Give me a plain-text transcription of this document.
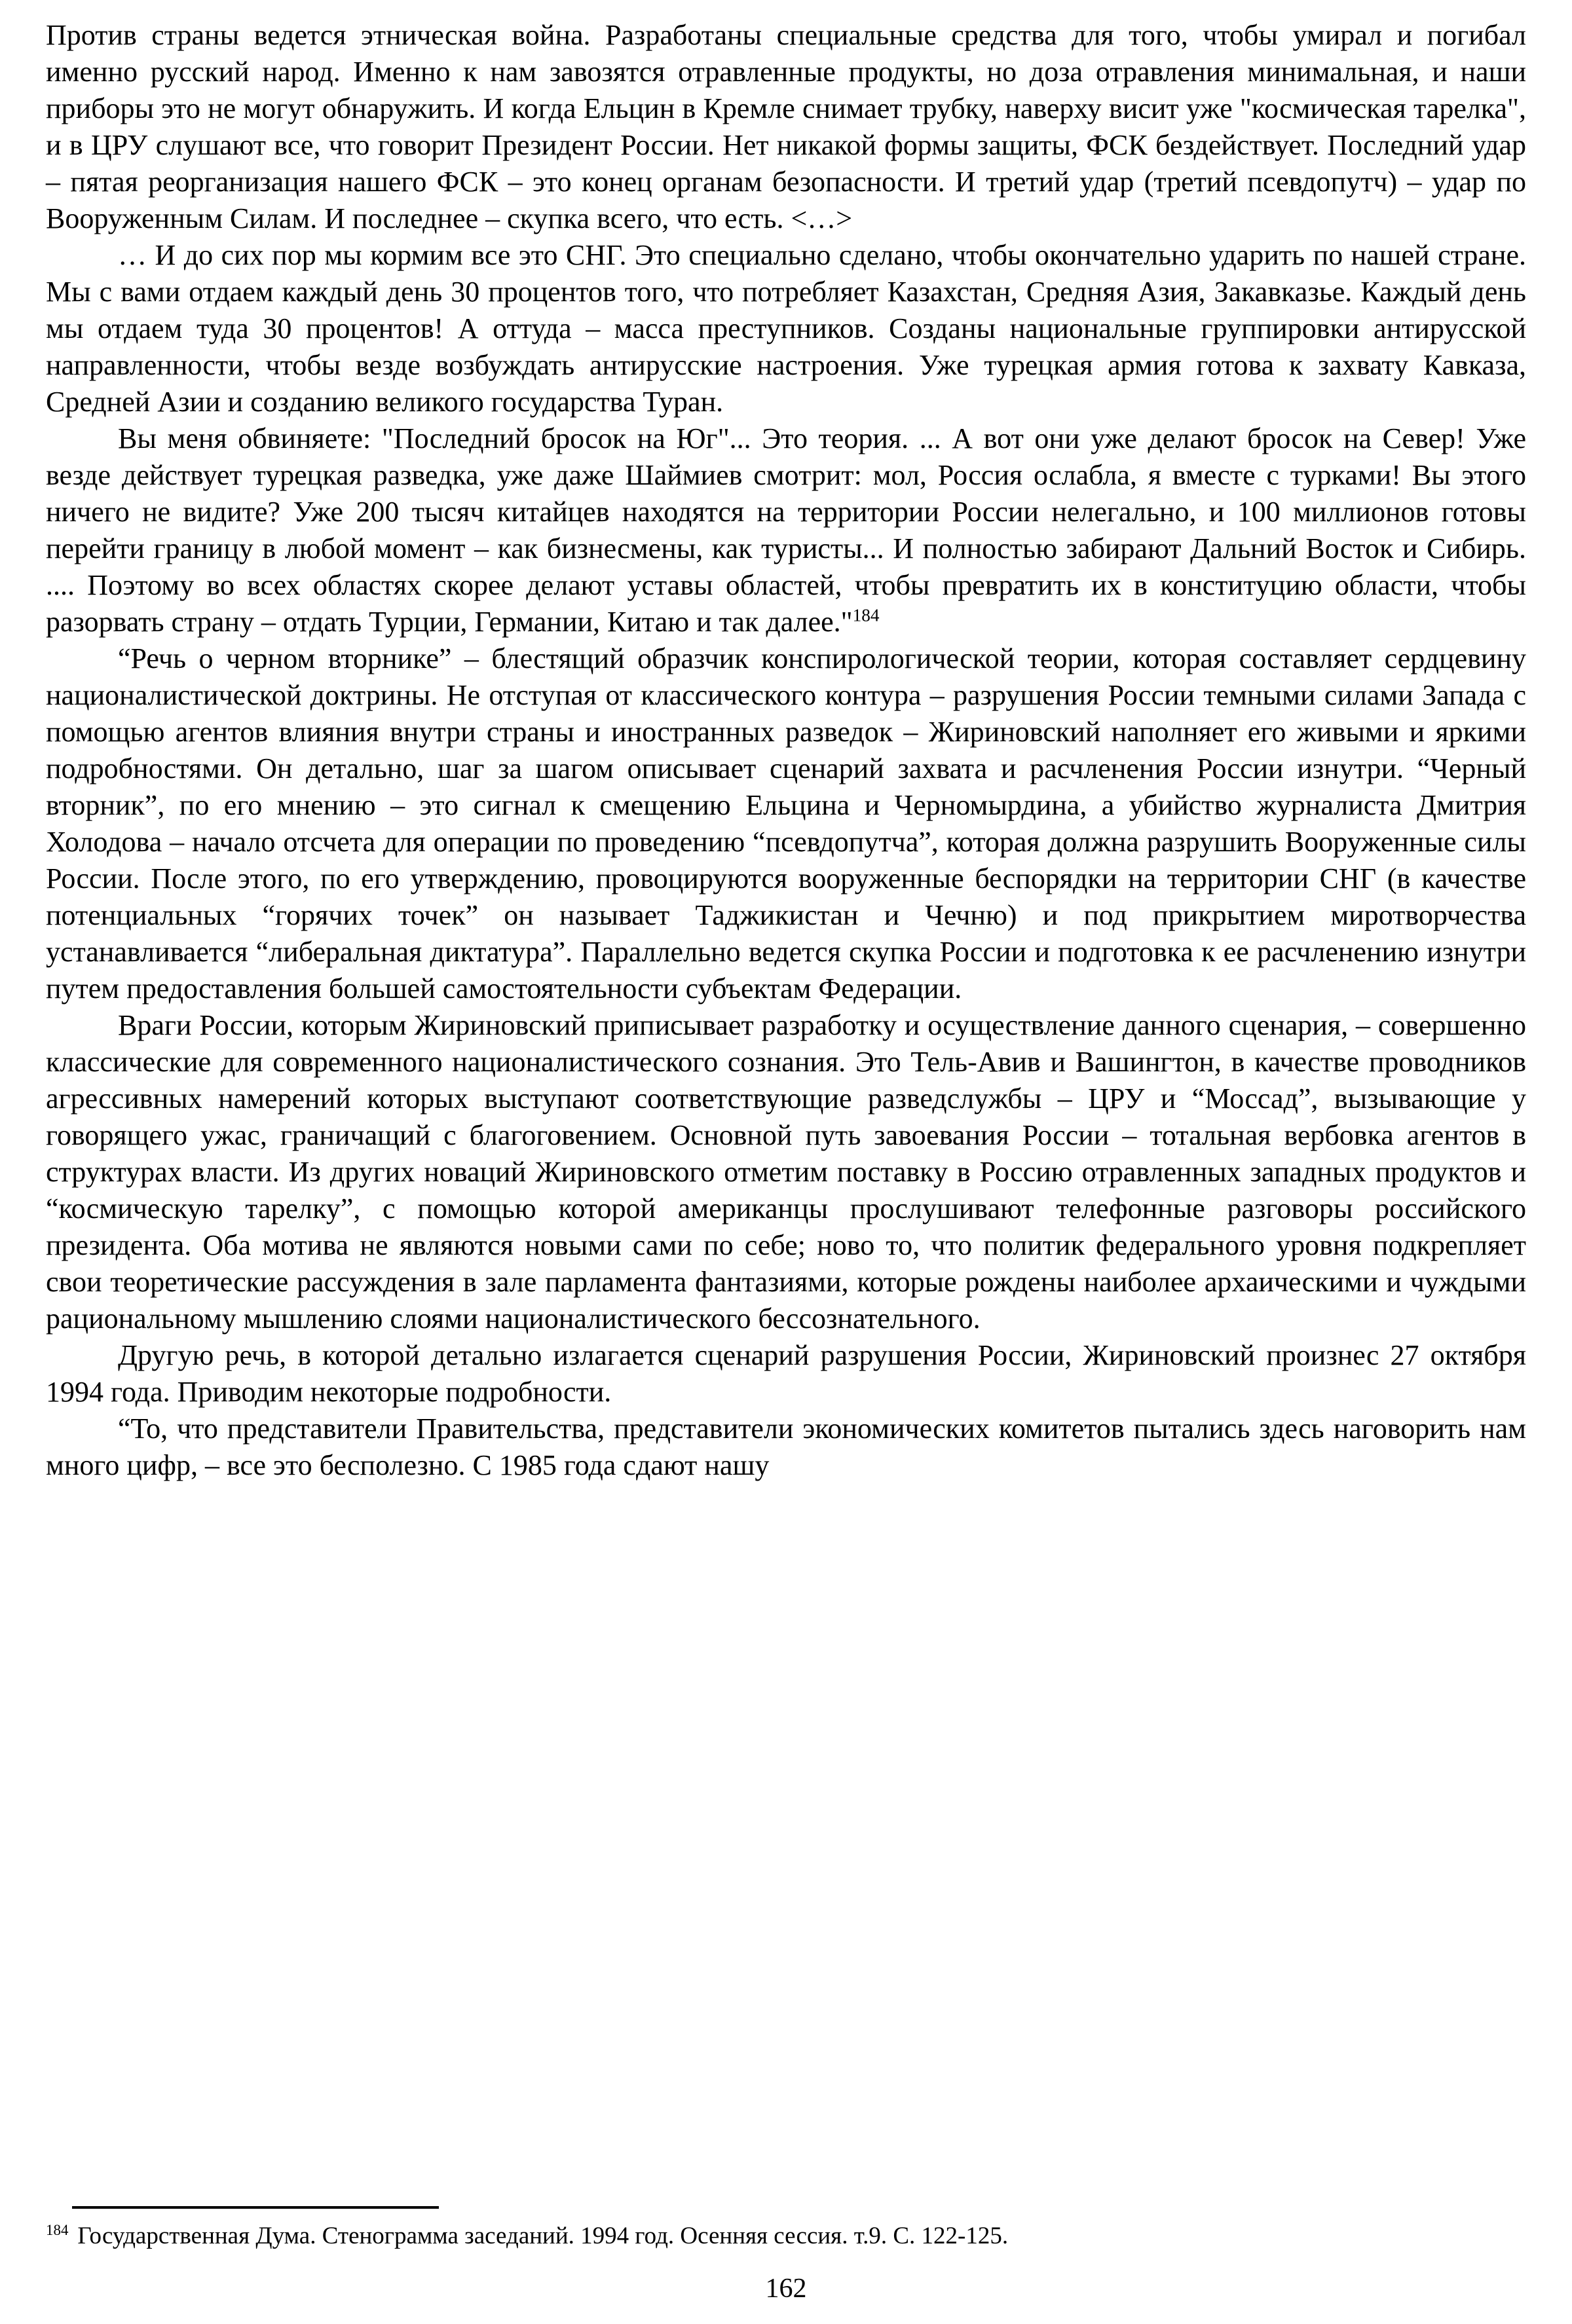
Против страны ведется этническая война. Разработаны специальные средства для того, чтобы умирал и погибал именно русский народ. Именно к нам завозятся отравленные продукты, но доза отравления минимальная, и наши приборы это не могут обнаружить. И когда Ельцин в Кремле снимает трубку, наверху висит уже "космическая тарелка", и в ЦРУ слушают все, что говорит Президент России. Нет никакой формы защиты, ФСК бездействует. Последний удар – пятая реорганизация нашего ФСК – это конец органам безопасности. И третий удар (третий псевдопутч) – удар по Вооруженным Силам. И последнее – скупка всего, что есть. <…>

… И до сих пор мы кормим все это СНГ. Это специально сделано, чтобы окончательно ударить по нашей стране. Мы с вами отдаем каждый день 30 процентов того, что потребляет Казахстан, Средняя Азия, Закавказье. Каждый день мы отдаем туда 30 процентов! А оттуда – масса преступников. Созданы национальные группировки антирусской направленности, чтобы везде возбуждать антирусские настроения. Уже турецкая армия готова к захвату Кавказа, Средней Азии и созданию великого государства Туран.

Вы меня обвиняете: "Последний бросок на Юг"... Это теория. ... А вот они уже делают бросок на Север! Уже везде действует турецкая разведка, уже даже Шаймиев смотрит: мол, Россия ослабла, я вместе с турками! Вы этого ничего не видите? Уже 200 тысяч китайцев находятся на территории России нелегально, и 100 миллионов готовы перейти границу в любой момент – как бизнесмены, как туристы... И полностью забирают Дальний Восток и Сибирь. .... Поэтому во всех областях скорее делают уставы областей, чтобы превратить их в конституцию области, чтобы разорвать страну – отдать Турции, Германии, Китаю и так далее."$^{184}$

“Речь о черном вторнике” – блестящий образчик конспирологической теории, которая составляет сердцевину националистической доктрины. Не отступая от классического контура – разрушения России темными силами Запада с помощью агентов влияния внутри страны и иностранных разведок – Жириновский наполняет его живыми и яркими подробностями. Он детально, шаг за шагом описывает сценарий захвата и расчленения России изнутри. “Черный вторник”, по его мнению – это сигнал к смещению Ельцина и Черномырдина, а убийство журналиста Дмитрия Холодова – начало отсчета для операции по проведению “псевдопутча”, которая должна разрушить Вооруженные силы России. После этого, по его утверждению, провоцируются вооруженные беспорядки на территории СНГ (в качестве потенциальных “горячих точек” он называет Таджикистан и Чечню) и под прикрытием миротворчества устанавливается “либеральная диктатура”. Параллельно ведется скупка России и подготовка к ее расчленению изнутри путем предоставления большей самостоятельности субъектам Федерации.

Враги России, которым Жириновский приписывает разработку и осуществление данного сценария, – совершенно классические для современного националистического сознания. Это Тель-Авив и Вашингтон, в качестве проводников агрессивных намерений которых выступают соответствующие разведслужбы – ЦРУ и “Моссад”, вызывающие у говорящего ужас, граничащий с благоговением. Основной путь завоевания России – тотальная вербовка агентов в структурах власти. Из других новаций Жириновского отметим поставку в Россию отравленных западных продуктов и “космическую тарелку”, с помощью которой американцы прослушивают телефонные разговоры российского президента. Оба мотива не являются новыми сами по себе; ново то, что политик федерального уровня подкрепляет свои теоретические рассуждения в зале парламента фантазиями, которые рождены наиболее архаическими и чуждыми рациональному мышлению слоями националистического бессознательного.

Другую речь, в которой детально излагается сценарий разрушения России, Жириновский произнес 27 октября 1994 года. Приводим некоторые подробности.

“То, что представители Правительства, представители экономических комитетов пытались здесь наговорить нам много цифр, – все это бесполезно. С 1985 года сдают нашу

$^{184}$ Государственная Дума. Стенограмма заседаний. 1994 год. Осенняя сессия. т.9. С. 122-125.

162
